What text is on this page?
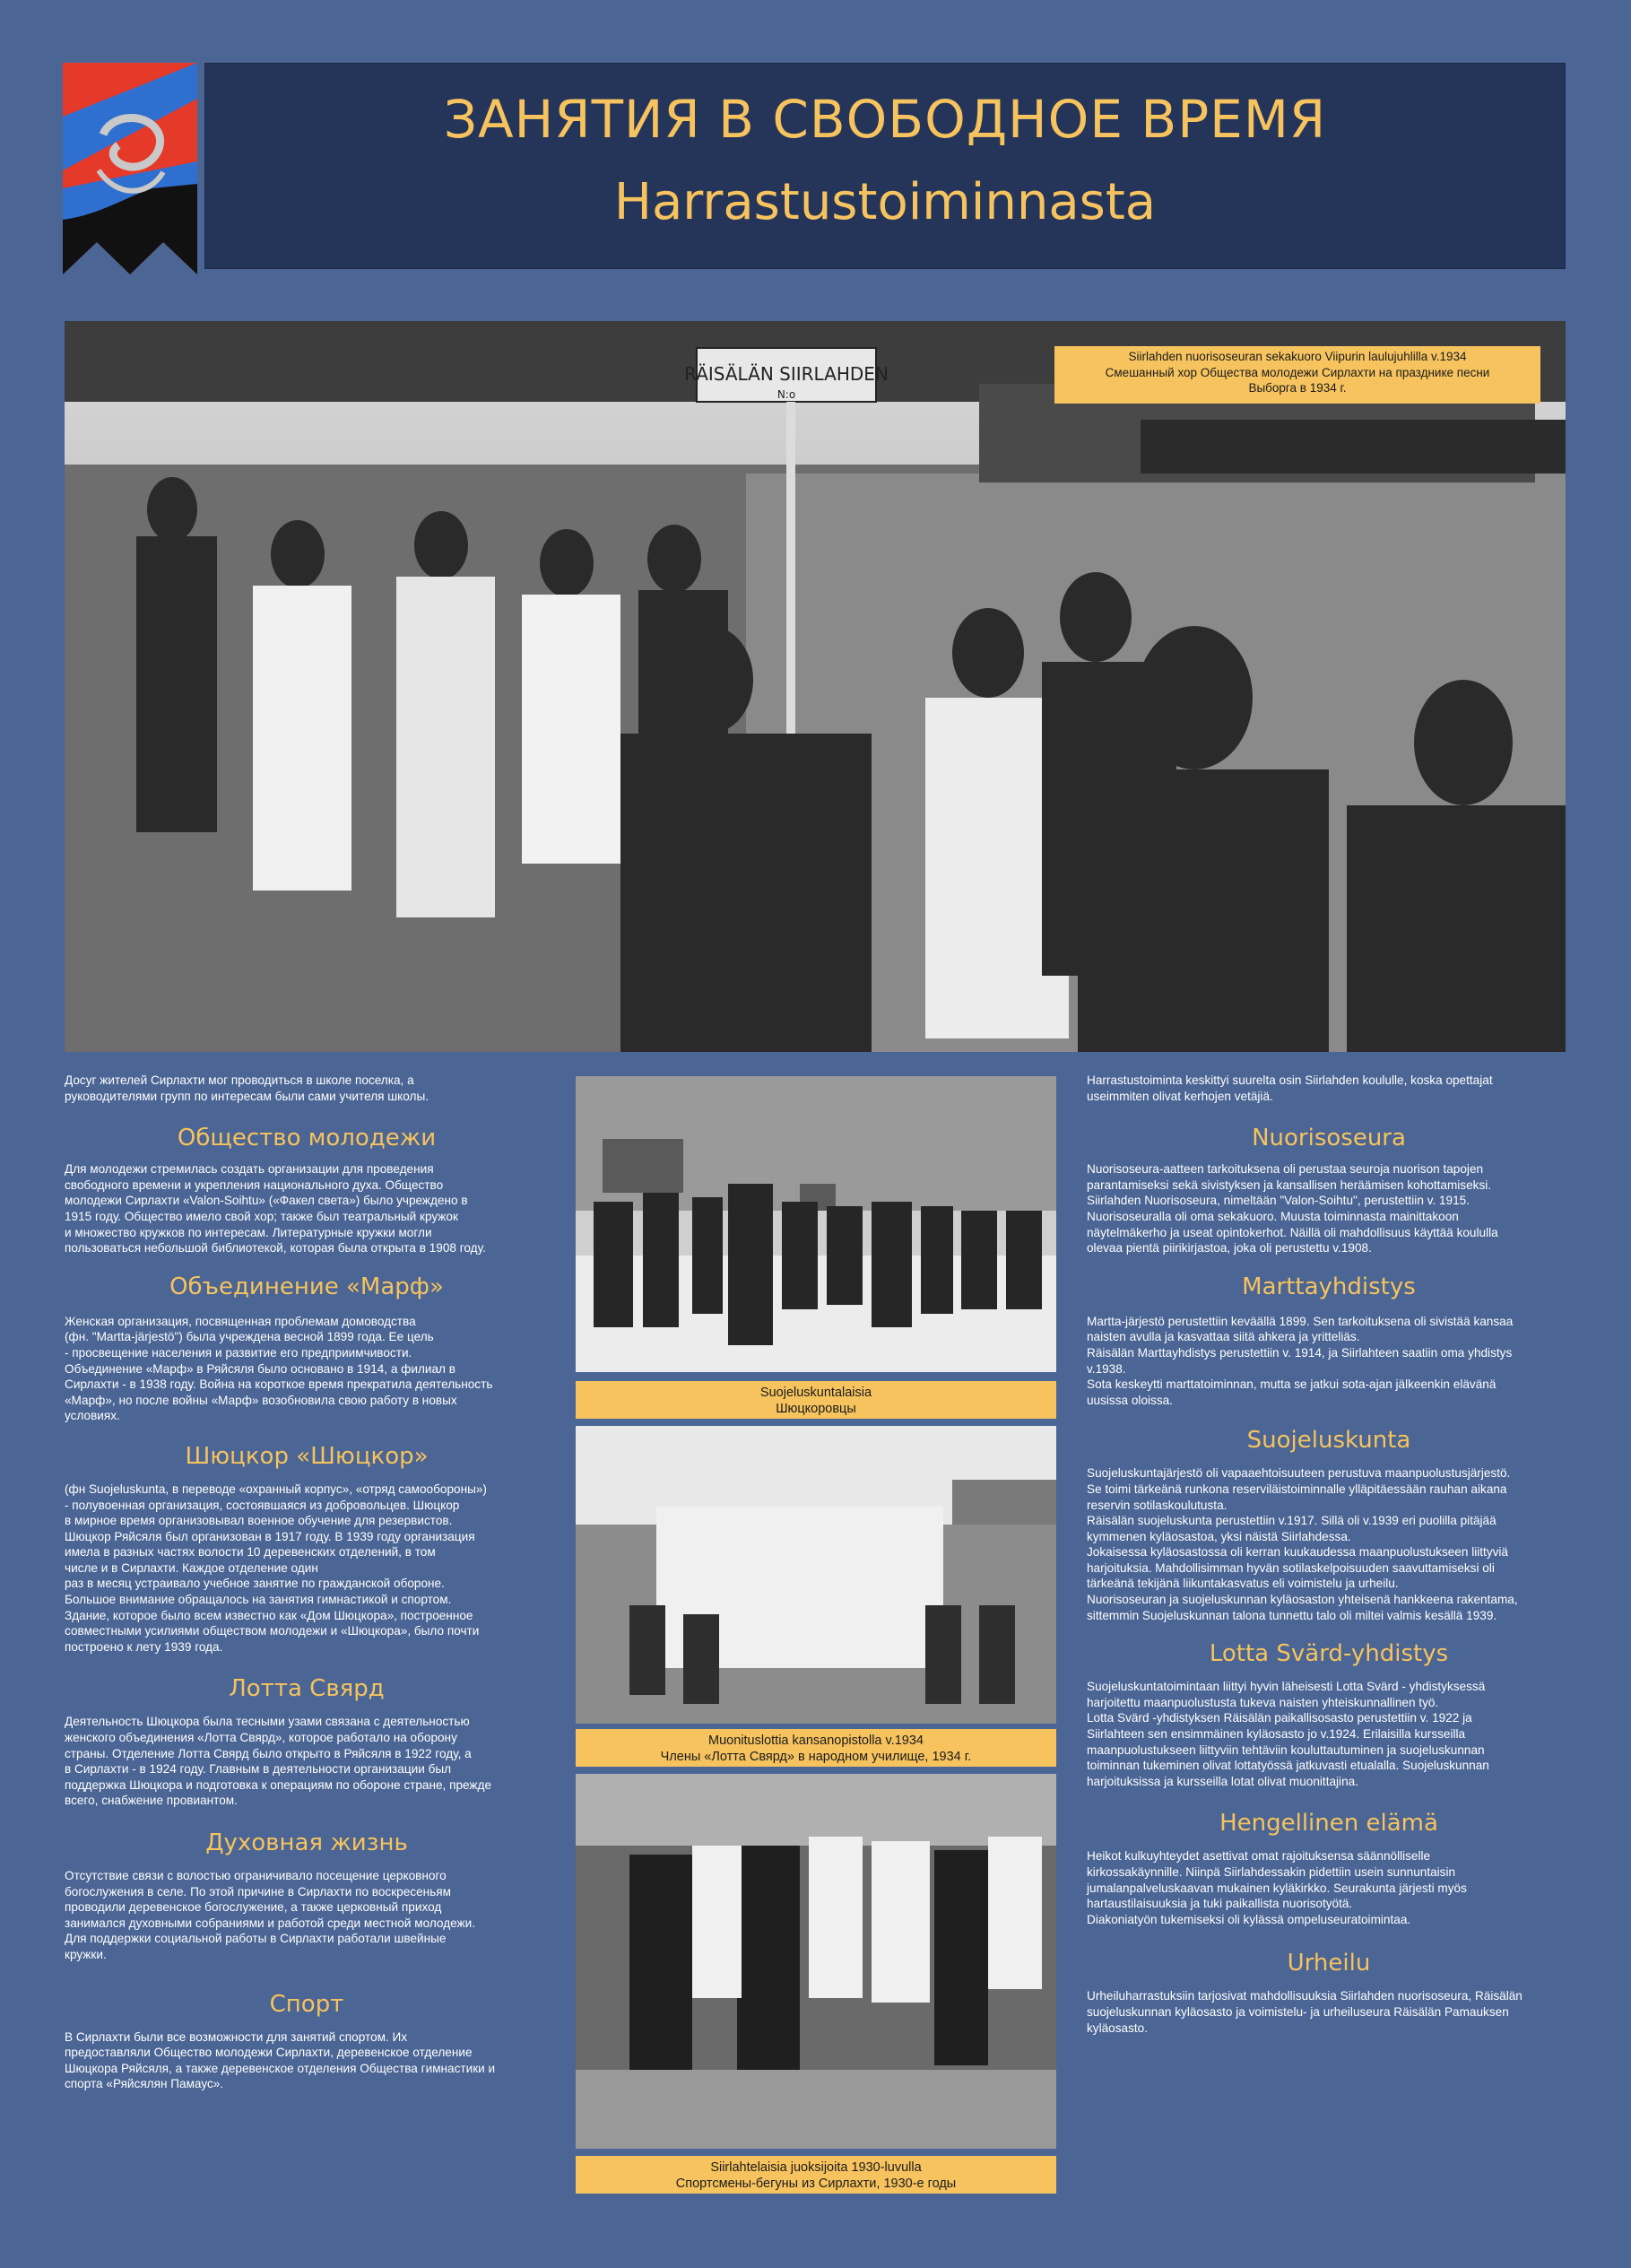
ЗАНЯТИЯ В СВОБОДНОЕ ВРЕМЯ
Harrastustoiminnasta
RÄISÄLÄN SIIRLAHDEN
N:o
Siirlahden nuorisoseuran sekakuoro Viipurin laulujuhlilla v.1934
Смешанный хор Общества молодежи Сирлахти на празднике песни
Выборга в 1934 г.
Suojeluskuntalaisia
Шюцкоровцы
Muonituslottia kansanopistolla v.1934
Члены «Лотта Свярд» в народном училище, 1934 г.
Siirlahtelaisia juoksijoita 1930-luvulla
Спортсмены-бегуны из Сирлахти, 1930-е годы

Досуг жителей Сирлахти мог проводиться в школе поселка, а
руководителями групп по интересам были сами учителя школы.

Общество молодежи

Для молодежи стремилась создать организации для проведения
свободного времени и укрепления национального духа. Общество
молодежи Сирлахти «Valon-Soihtu» («Факел света») было учреждено в
1915 году. Общество имело свой хор; также был театральный кружок
и множество кружков по интересам. Литературные кружки могли
пользоваться небольшой библиотекой, которая была открыта в 1908 году.

Объединение «Марф»

Женская организация, посвященная проблемам домоводства
(фн. "Martta-järjestö") была учреждена весной 1899 года. Ее цель
- просвещение населения и развитие его предприимчивости.
Объединение «Марф» в Ряйсяля было основано в 1914, а филиал в
Сирлахти - в 1938 году. Война на короткое время прекратила деятельность
«Марф», но после войны «Марф» возобновила свою работу в новых
условиях.

Шюцкор «Шюцкор»

(фн Suojeluskunta, в переводе «охранный корпус», «отряд самообороны»)
- полувоенная организация, состоявшаяся из добровольцев. Шюцкор
в мирное время организовывал военное обучение для резервистов.
Шюцкор Ряйсяля был организован в 1917 году. В 1939 году организация
имела в разных частях волости 10 деревенских отделений, в том
числе и в Сирлахти. Каждое отделение один
раз в месяц устраивало учебное занятие по гражданской обороне.
Большое внимание обращалось на занятия гимнастикой и спортом.
Здание, которое было всем известно как «Дом Шюцкора», построенное
совместными усилиями обществом молодежи и «Шюцкора», было почти
построено к лету 1939 года.

Лотта Свярд

Деятельность Шюцкора была тесными узами связана с деятельностью
женского объединения «Лотта Свярд», которое работало на оборону
страны. Отделение Лотта Свярд было открыто в Ряйсяля в 1922 году, а
в Сирлахти - в 1924 году. Главным в деятельности организации был
поддержка Шюцкора и подготовка к операциям по обороне стране, прежде
всего, снабжение провиантом.

Духовная жизнь

Отсутствие связи с волостью ограничивало посещение церковного
богослужения в селе. По этой причине в Сирлахти по воскресеньям
проводили деревенское богослужение, а также церковный приход
занимался духовными собраниями и работой среди местной молодежи.
Для поддержки социальной работы в Сирлахти работали швейные
кружки.

Спорт

В Сирлахти были все возможности для занятий спортом. Их
предоставляли Общество молодежи Сирлахти, деревенское отделение
Шюцкора Ряйсяля, а также деревенское отделения Общества гимнастики и
спорта «Ряйсялян Памаус».

Harrastustoiminta keskittyi suurelta osin Siirlahden koululle, koska opettajat
useimmiten olivat kerhojen vetäjiä.

Nuorisoseura

Nuorisoseura-aatteen tarkoituksena oli perustaa seuroja nuorison tapojen
parantamiseksi sekä sivistyksen ja kansallisen heräämisen kohottamiseksi.
Siirlahden Nuorisoseura, nimeltään "Valon-Soihtu", perustettiin v. 1915.
Nuorisoseuralla oli oma sekakuoro. Muusta toiminnasta mainittakoon
näytelmäkerho ja useat opintokerhot. Näillä oli mahdollisuus käyttää koululla
olevaa pientä piirikirjastoa, joka oli perustettu v.1908.

Marttayhdistys

Martta-järjestö perustettiin keväällä 1899. Sen tarkoituksena oli sivistää kansaa
naisten avulla ja kasvattaa siitä ahkera ja yritteliäs.
Räisälän Marttayhdistys perustettiin v. 1914, ja Siirlahteen saatiin oma yhdistys
v.1938.
Sota keskeytti marttatoiminnan, mutta se jatkui sota-ajan jälkeenkin elävänä
uusissa oloissa.

Suojeluskunta

Suojeluskuntajärjestö oli vapaaehtoisuuteen perustuva maanpuolustusjärjestö.
Se toimi tärkeänä runkona reserviläistoiminnalle ylläpitäessään rauhan aikana
reservin sotilaskoulutusta.
Räisälän suojeluskunta perustettiin v.1917. Sillä oli v.1939 eri puolilla pitäjää
kymmenen kyläosastoa, yksi näistä Siirlahdessa.
Jokaisessa kyläosastossa oli kerran kuukaudessa maanpuolustukseen liittyviä
harjoituksia. Mahdollisimman hyvän sotilaskelpoisuuden saavuttamiseksi oli
tärkeänä tekijänä liikuntakasvatus eli voimistelu ja urheilu.
Nuorisoseuran ja suojeluskunnan kyläosaston yhteisenä hankkeena rakentama,
sittemmin Suojeluskunnan talona tunnettu talo oli miltei valmis kesällä 1939.

Lotta Svärd-yhdistys

Suojeluskuntatoimintaan liittyi hyvin läheisesti Lotta Svärd - yhdistyksessä
harjoitettu maanpuolustusta tukeva naisten yhteiskunnallinen työ.
Lotta Svärd -yhdistyksen Räisälän paikallisosasto perustettiin v. 1922 ja
Siirlahteen sen ensimmäinen kyläosasto jo v.1924. Erilaisilla kursseilla
maanpuolustukseen liittyviin tehtäviin kouluttautuminen ja suojeluskunnan
toiminnan tukeminen olivat lottatyössä jatkuvasti etualalla. Suojeluskunnan
harjoituksissa ja kursseilla lotat olivat muonittajina.

Hengellinen elämä

Heikot kulkuyhteydet asettivat omat rajoituksensa säännölliselle
kirkossakäynnille. Niinpä Siirlahdessakin pidettiin usein sunnuntaisin
jumalanpalveluskaavan mukainen kyläkirkko. Seurakunta järjesti myös
hartaustilaisuuksia ja tuki paikallista nuorisotyötä.
Diakoniatyön tukemiseksi oli kylässä ompeluseuratoimintaa.

Urheilu

Urheiluharrastuksiin tarjosivat mahdollisuuksia Siirlahden nuorisoseura, Räisälän
suojeluskunnan kyläosasto ja voimistelu- ja urheiluseura Räisälän Pamauksen
kyläosasto.
